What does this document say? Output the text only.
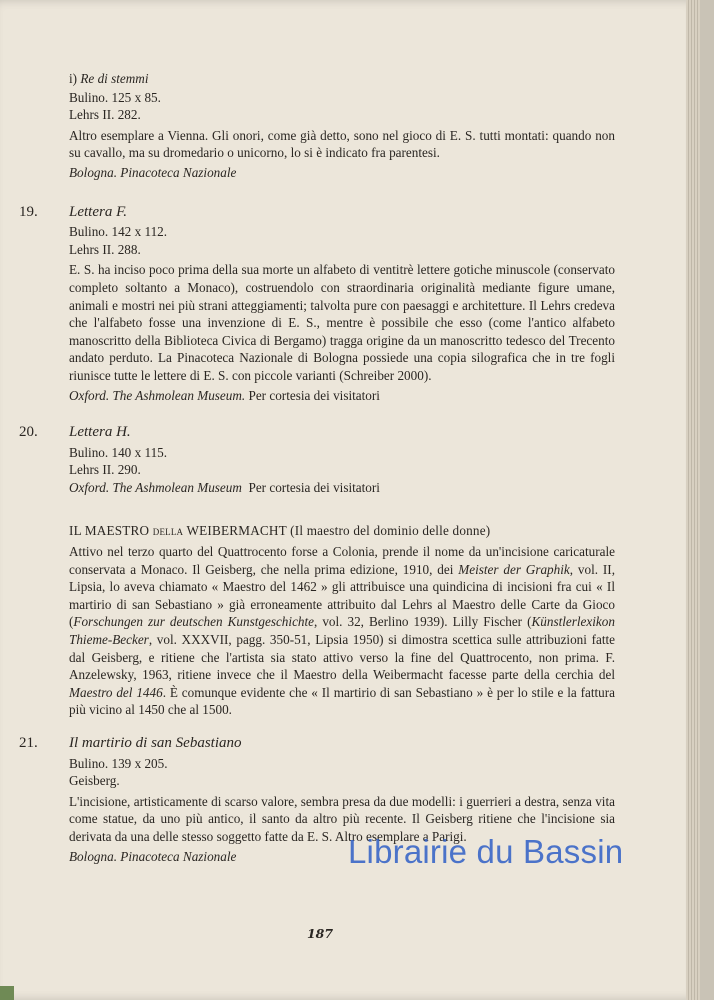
i) Re di stemmi
Bulino. 125 x 85.
Lehrs II. 282.

Altro esemplare a Vienna. Gli onori, come già detto, sono nel gioco di E. S. tutti montati: quando non su cavallo, ma su dromedario o unicorno, lo si è indicato fra parentesi.

Bologna. Pinacoteca Nazionale
19. Lettera F.
Bulino. 142 x 112.
Lehrs II. 288.

E. S. ha inciso poco prima della sua morte un alfabeto di ventitrè lettere gotiche minuscole (conservato completo soltanto a Monaco), costruendolo con straordinaria originalità mediante figure umane, animali e mostri nei più strani atteggiamenti; talvolta pure con paesaggi e architetture. Il Lehrs credeva che l'alfabeto fosse una invenzione di E. S., mentre è possibile che esso (come l'antico alfabeto manoscritto della Biblioteca Civica di Bergamo) tragga origine da un manoscritto tedesco del Trecento andato perduto. La Pinacoteca Nazionale di Bologna possiede una copia silografica che in tre fogli riunisce tutte le lettere di E. S. con piccole varianti (Schreiber 2000).

Oxford. The Ashmolean Museum. Per cortesia dei visitatori
20. Lettera H.
Bulino. 140 x 115.
Lehrs II. 290.
Oxford. The Ashmolean Museum Per cortesia dei visitatori
IL MAESTRO della WEIBERMACHT (Il maestro del dominio delle donne)

Attivo nel terzo quarto del Quattrocento forse a Colonia, prende il nome da un'incisione caricaturale conservata a Monaco. Il Geisberg, che nella prima edizione, 1910, dei Meister der Graphik, vol. II, Lipsia, lo aveva chiamato « Maestro del 1462 » gli attribuisce una quindicina di incisioni fra cui « Il martirio di san Sebastiano » già erroneamente attribuito dal Lehrs al Maestro delle Carte da Gioco (Forschungen zur deutschen Kunstgeschichte, vol. 32, Berlino 1939). Lilly Fischer (Künstlerlexikon Thieme-Becker, vol. XXXVII, pagg. 350-51, Lipsia 1950) si dimostra scettica sulle attribuzioni fatte dal Geisberg, e ritiene che l'artista sia stato attivo verso la fine del Quattrocento, non prima. F. Anzelewsky, 1963, ritiene invece che il Maestro della Weibermacht facesse parte della cerchia del Maestro del 1446. È comunque evidente che « Il martirio di san Sebastiano » è per lo stile e la fattura più vicino al 1450 che al 1500.

21. Il martirio di san Sebastiano
Bulino. 139 x 205.
Geisberg.

L'incisione, artisticamente di scarso valore, sembra presa da due modelli: i guerrieri a destra, senza vita come statue, da uno più antico, il santo da altro più recente. Il Geisberg ritiene che l'incisione sia derivata da una delle stesso soggetto fatte da E. S. Altro esemplare a Parigi.

Bologna. Pinacoteca Nazionale
187
Librairie du Bassin
